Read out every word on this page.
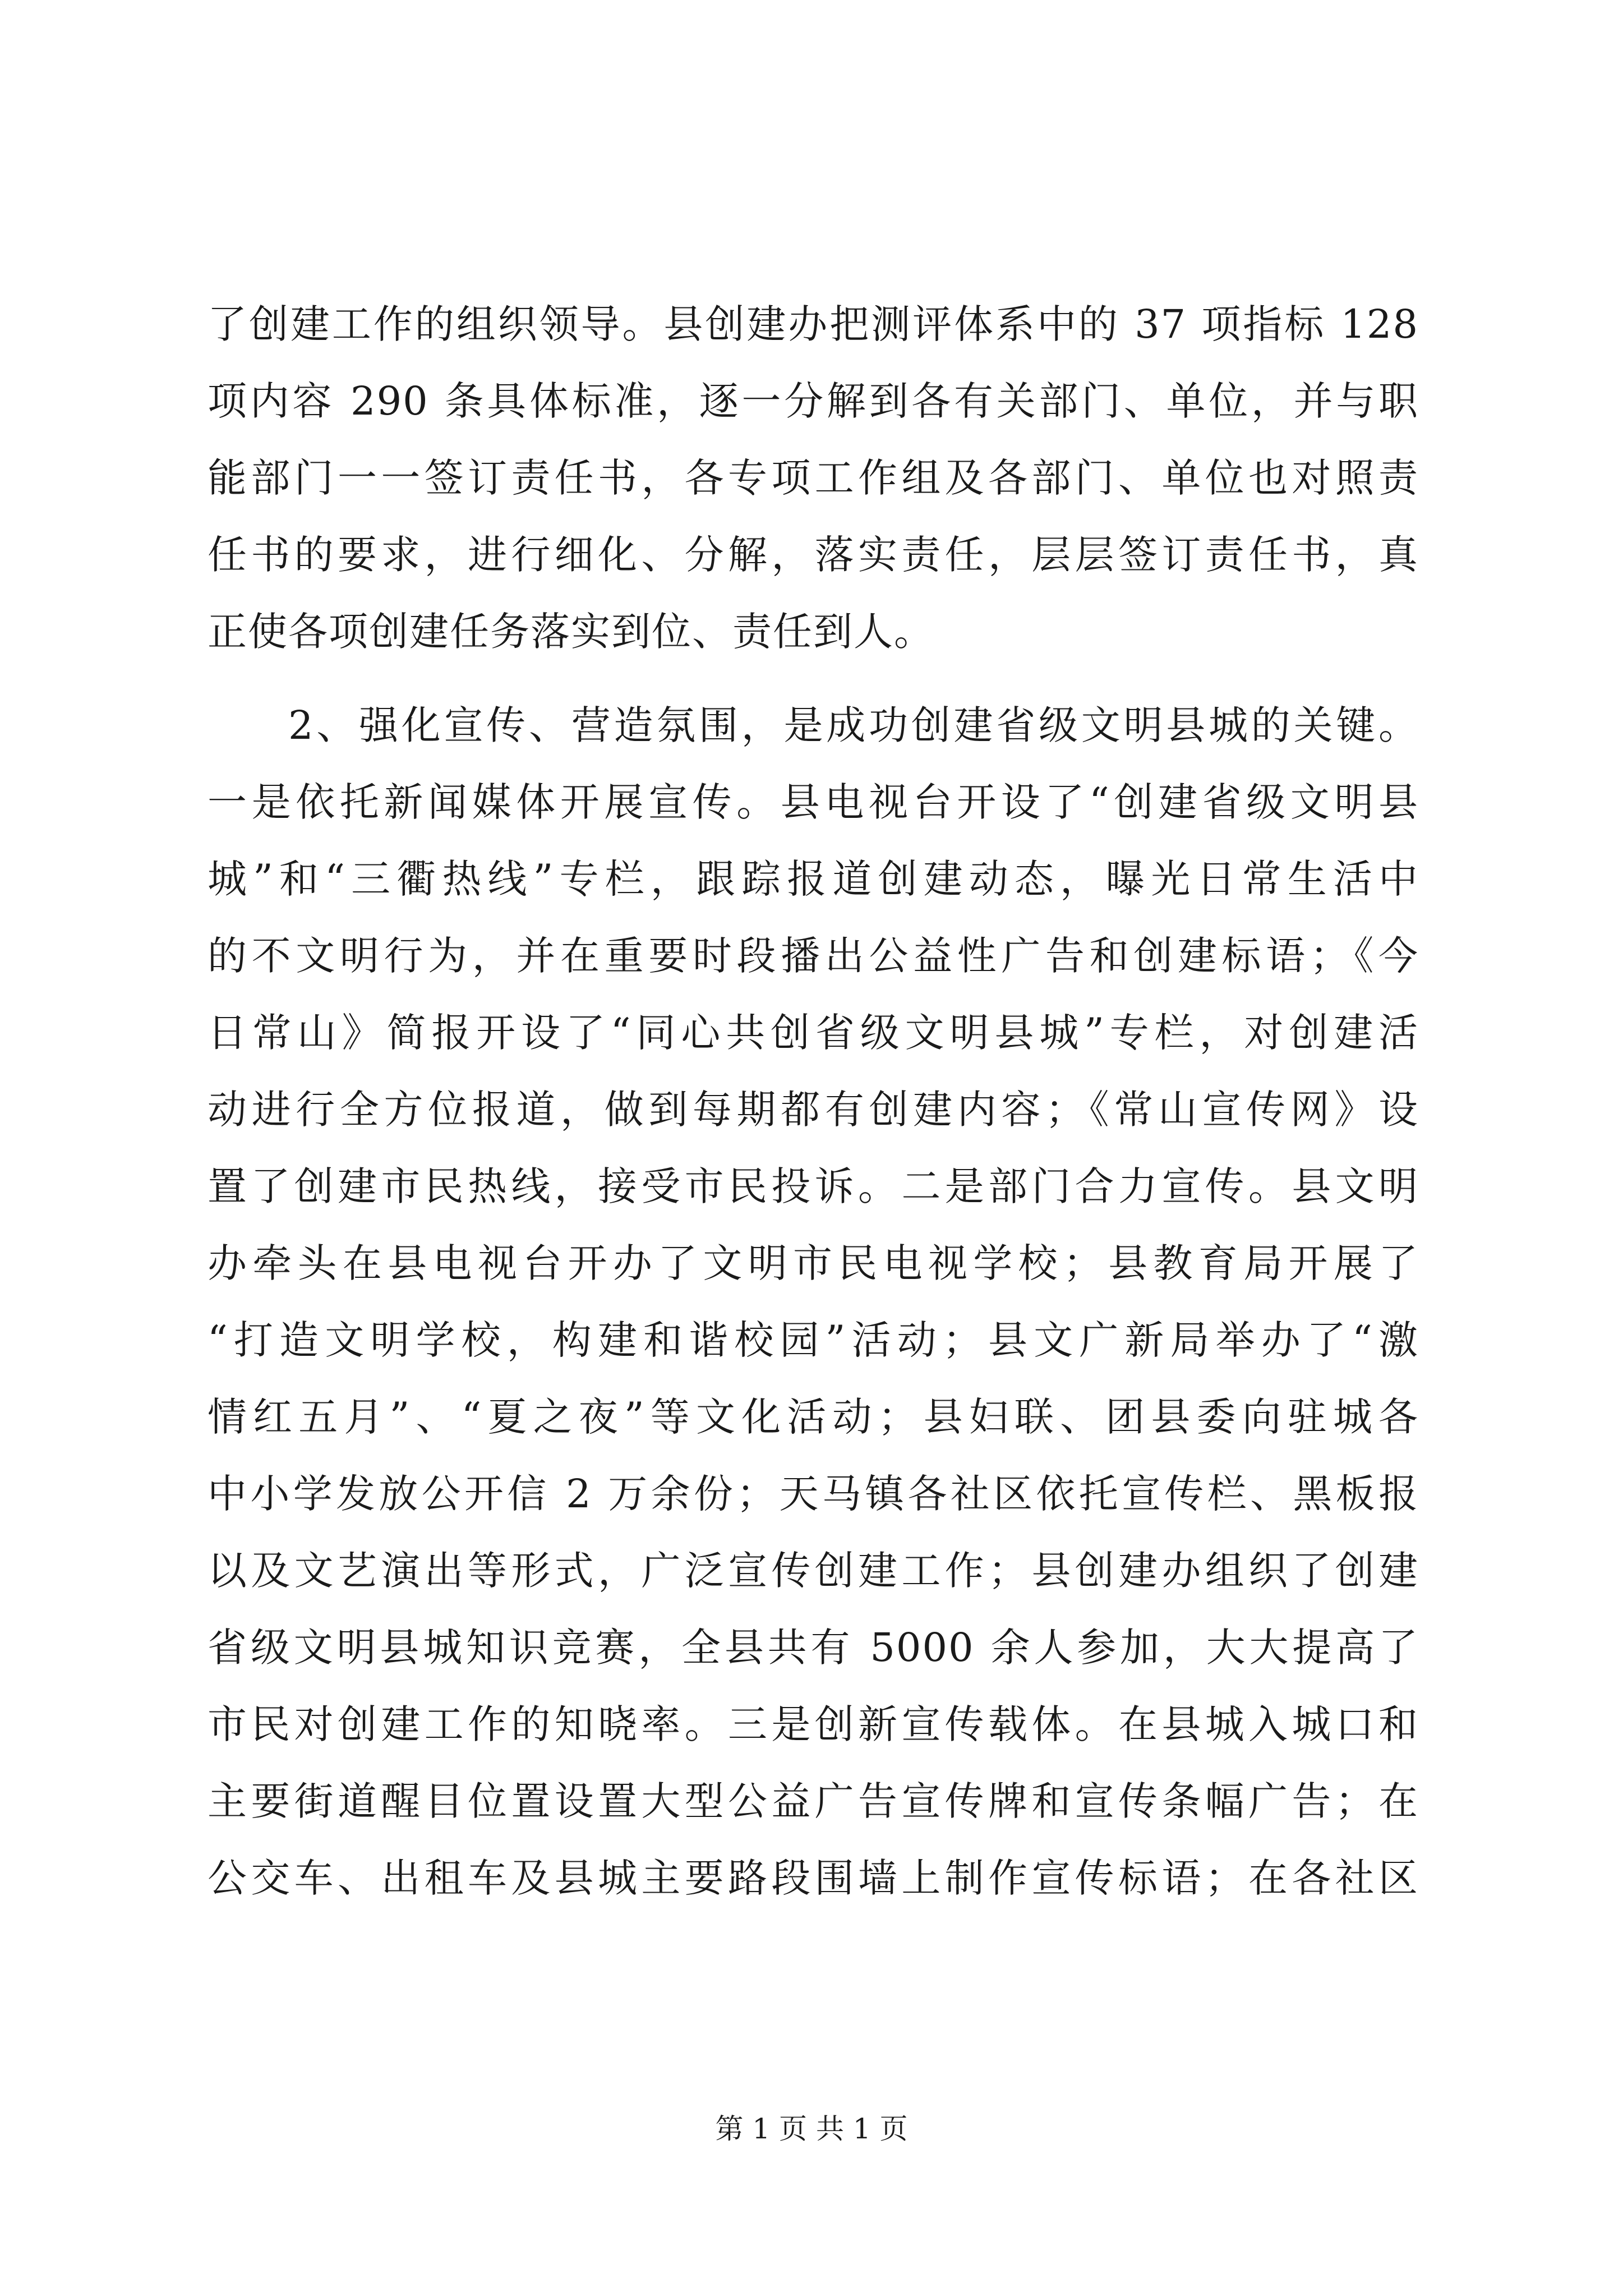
了创建工作的组织领导。县创建办把测评体系中的 37 项指标 128
项内容 290 条具体标准，逐一分解到各有关部门、单位，并与职
能部门一一签订责任书，各专项工作组及各部门、单位也对照责
任书的要求，进行细化、分解，落实责任，层层签订责任书，真
正使各项创建任务落实到位、责任到人。
2、强化宣传、营造氛围，是成功创建省级文明县城的关键。
一是依托新闻媒体开展宣传。县电视台开设了“创建省级文明县
城”和“三衢热线”专栏，跟踪报道创建动态，曝光日常生活中
的不文明行为，并在重要时段播出公益性广告和创建标语；《今
日常山》简报开设了“同心共创省级文明县城”专栏，对创建活
动进行全方位报道，做到每期都有创建内容；《常山宣传网》设
置了创建市民热线，接受市民投诉。二是部门合力宣传。县文明
办牵头在县电视台开办了文明市民电视学校；县教育局开展了
“打造文明学校，构建和谐校园”活动；县文广新局举办了“激
情红五月”、“夏之夜”等文化活动；县妇联、团县委向驻城各
中小学发放公开信 2 万余份；天马镇各社区依托宣传栏、黑板报
以及文艺演出等形式，广泛宣传创建工作；县创建办组织了创建
省级文明县城知识竞赛，全县共有 5000 余人参加，大大提高了
市民对创建工作的知晓率。三是创新宣传载体。在县城入城口和
主要街道醒目位置设置大型公益广告宣传牌和宣传条幅广告；在
公交车、出租车及县城主要路段围墙上制作宣传标语；在各社区
第 1 页 共 1 页
